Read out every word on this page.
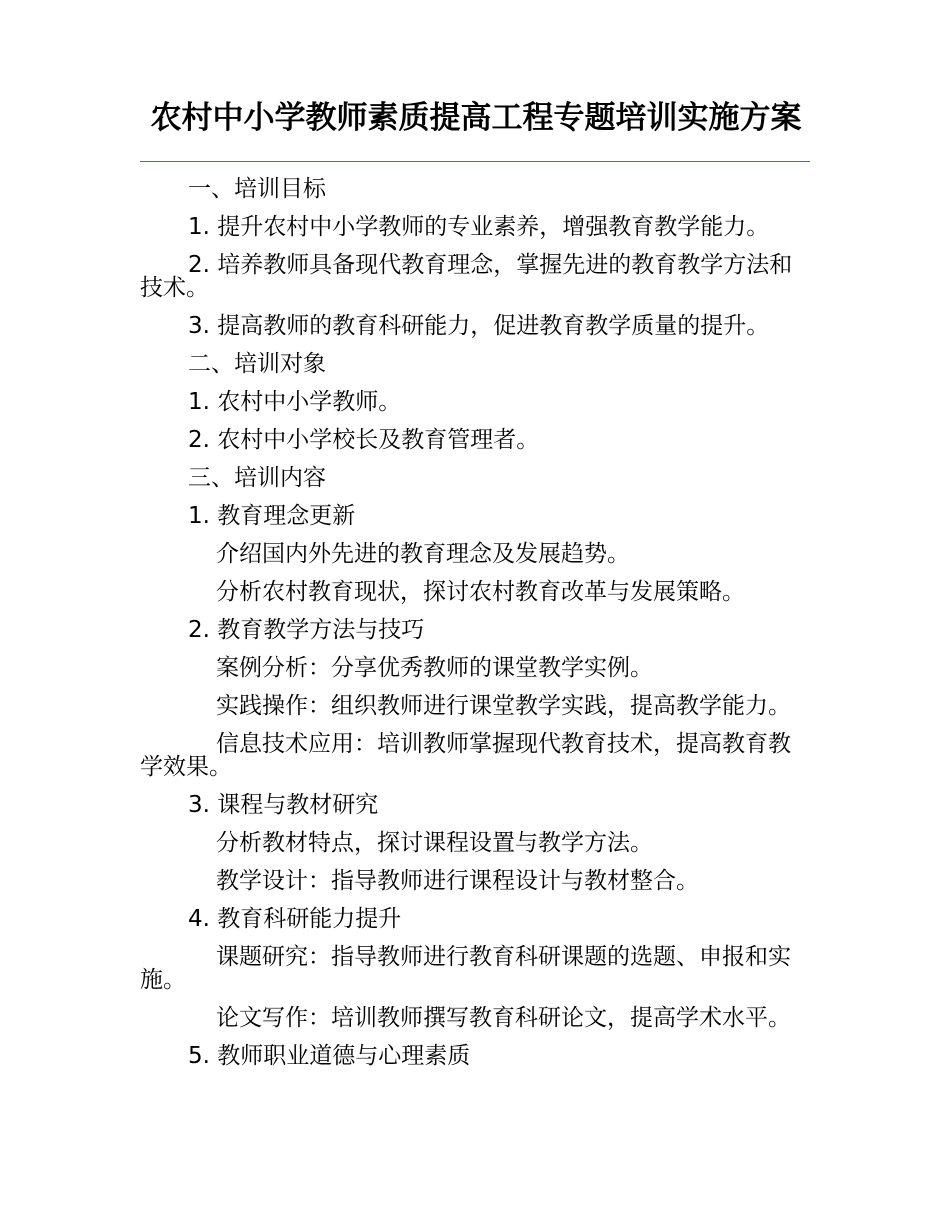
农村中小学教师素质提高工程专题培训实施方案

一、培训目标

1. 提升农村中小学教师的专业素养，增强教育教学能力。

2. 培养教师具备现代教育理念，掌握先进的教育教学方法和技术。

3. 提高教师的教育科研能力，促进教育教学质量的提升。

二、培训对象

1. 农村中小学教师。

2. 农村中小学校长及教育管理者。

三、培训内容

1. 教育理念更新

介绍国内外先进的教育理念及发展趋势。

分析农村教育现状，探讨农村教育改革与发展策略。

2. 教育教学方法与技巧

案例分析：分享优秀教师的课堂教学实例。

实践操作：组织教师进行课堂教学实践，提高教学能力。

信息技术应用：培训教师掌握现代教育技术，提高教育教学效果。

3. 课程与教材研究

分析教材特点，探讨课程设置与教学方法。

教学设计：指导教师进行课程设计与教材整合。

4. 教育科研能力提升

课题研究：指导教师进行教育科研课题的选题、申报和实施。

论文写作：培训教师撰写教育科研论文，提高学术水平。

5. 教师职业道德与心理素质
